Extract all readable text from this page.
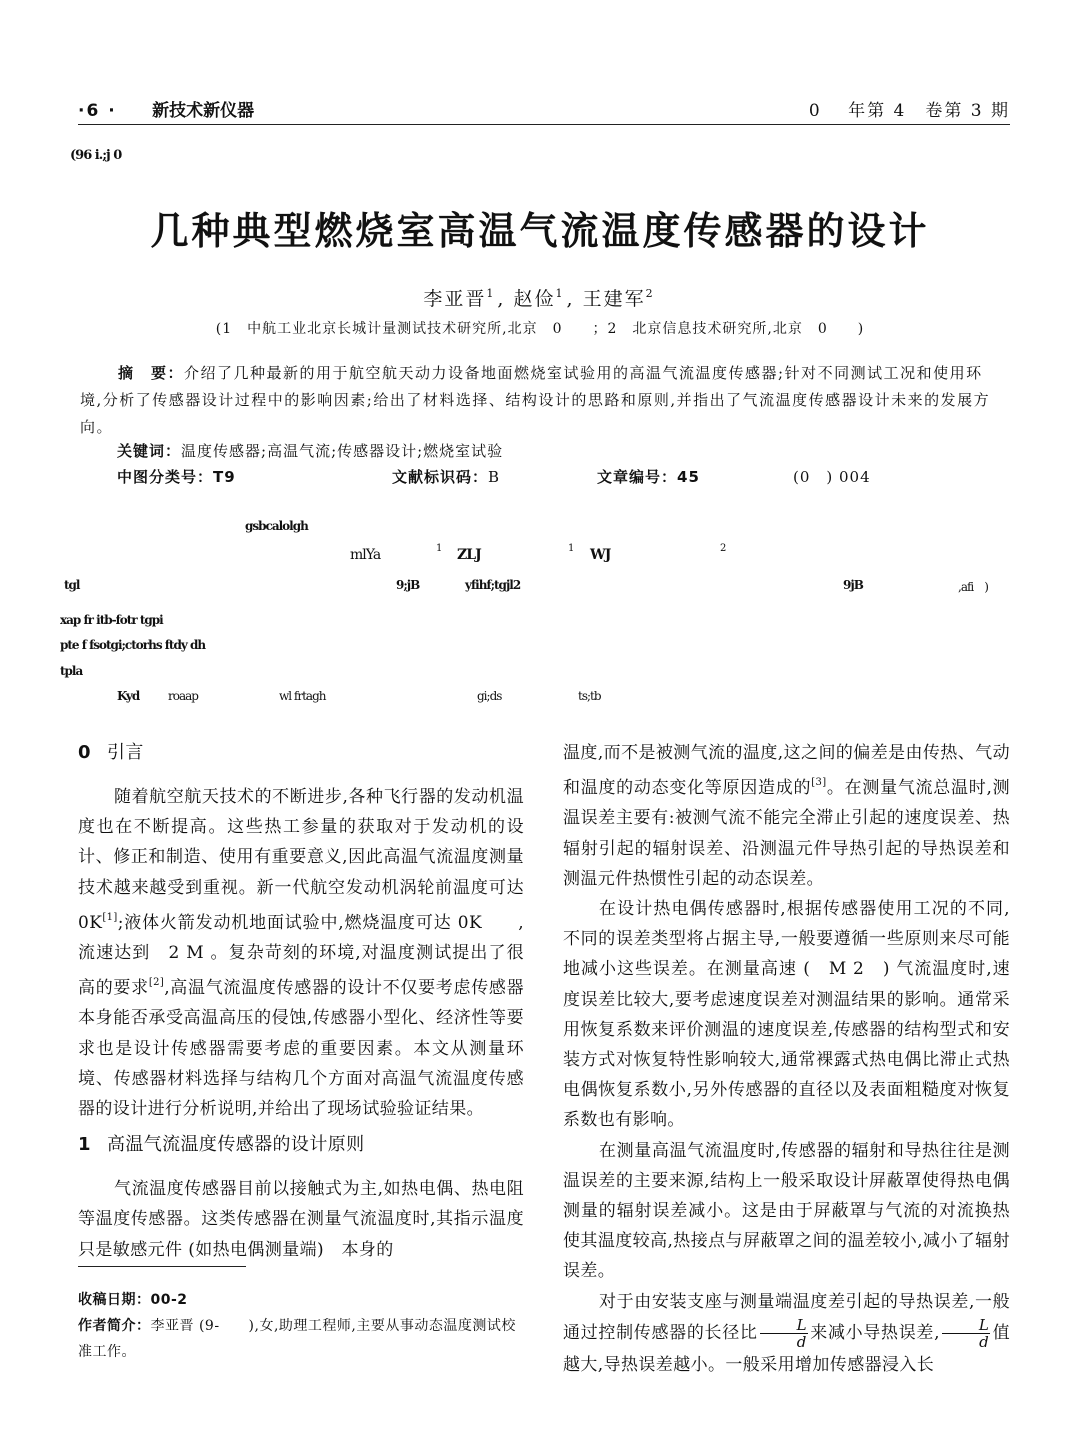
·6 · 新技术新仪器	0　 年第 4　卷第 3 期
(96 i.;j 0
几种典型燃烧室高温气流温度传感器的设计
李亚晋$^1$ , 赵俭$^1$ , 王建军$^2$
(1　中航工业北京长城计量测试技术研究所,北京　0　　；2　北京信息技术研究所,北京　0　　)
摘　要：介绍了几种最新的用于航空航天动力设备地面燃烧室试验用的高温气流温度传感器;针对不同测试工况和使用环境,分析了传感器设计过程中的影响因素;给出了材料选择、结构设计的思路和原则,并指出了气流温度传感器设计未来的发展方向。
关键词：温度传感器;高温气流;传感器设计;燃烧室试验
中图分类号：T9	文献标识码：B	文章编号：45	(0　) 004
gsbcalolgh
mlYa	1 ZLJ	1 WJ	2
tgl	9;jB	yfihf;tgjl2	9jB	,afi　)
xap fr itb-fotr tgpi
pte f fsotgi;ctorhs ftdy dh
tpla
Kyd roaap	wl frtagh	gi;ds	ts;tb
0 引言

随着航空航天技术的不断进步,各种飞行器的发动机温度也在不断提高。这些热工参量的获取对于发动机的设计、修正和制造、使用有重要意义,因此高温气流温度测量技术越来越受到重视。新一代航空发动机涡轮前温度可达 0K[1];液体火箭发动机地面试验中,燃烧温度可达 0K　　,流速达到　2 M 。复杂苛刻的环境,对温度测试提出了很高的要求[2],高温气流温度传感器的设计不仅要考虑传感器本身能否承受高温高压的侵蚀,传感器小型化、经济性等要求也是设计传感器需要考虑的重要因素。本文从测量环境、传感器材料选择与结构几个方面对高温气流温度传感器的设计进行分析说明,并给出了现场试验验证结果。

1 高温气流温度传感器的设计原则

气流温度传感器目前以接触式为主,如热电偶、热电阻等温度传感器。这类传感器在测量气流温度时,其指示温度只是敏感元件 (如热电偶测量端)　本身的

温度,而不是被测气流的温度,这之间的偏差是由传热、气动和温度的动态变化等原因造成的[3]。在测量气流总温时,测温误差主要有:被测气流不能完全滞止引起的速度误差、热辐射引起的辐射误差、沿测温元件导热引起的导热误差和测温元件热惯性引起的动态误差。

在设计热电偶传感器时,根据传感器使用工况的不同,不同的误差类型将占据主导,一般要遵循一些原则来尽可能地减小这些误差。在测量高速 (　M 2　) 气流温度时,速度误差比较大,要考虑速度误差对测温结果的影响。通常采用恢复系数来评价测温的速度误差,传感器的结构型式和安装方式对恢复特性影响较大,通常裸露式热电偶比滞止式热电偶恢复系数小,另外传感器的直径以及表面粗糙度对恢复系数也有影响。

在测量高温气流温度时,传感器的辐射和导热往往是测温误差的主要来源,结构上一般采取设计屏蔽罩使得热电偶测量的辐射误差减小。这是由于屏蔽罩与气流的对流换热使其温度较高,热接点与屏蔽罩之间的温差较小,减小了辐射误差。

对于由安装支座与测量端温度差引起的导热误差,一般通过控制传感器的长径比 $\frac{L}{d}$ 来减小导热误差, $\frac{L}{d}$ 值越大,导热误差越小。一般采用增加传感器浸入长

收稿日期：00-2
作者简介：李亚晋 (9-　　),女,助理工程师,主要从事动态温度测试校准工作。
